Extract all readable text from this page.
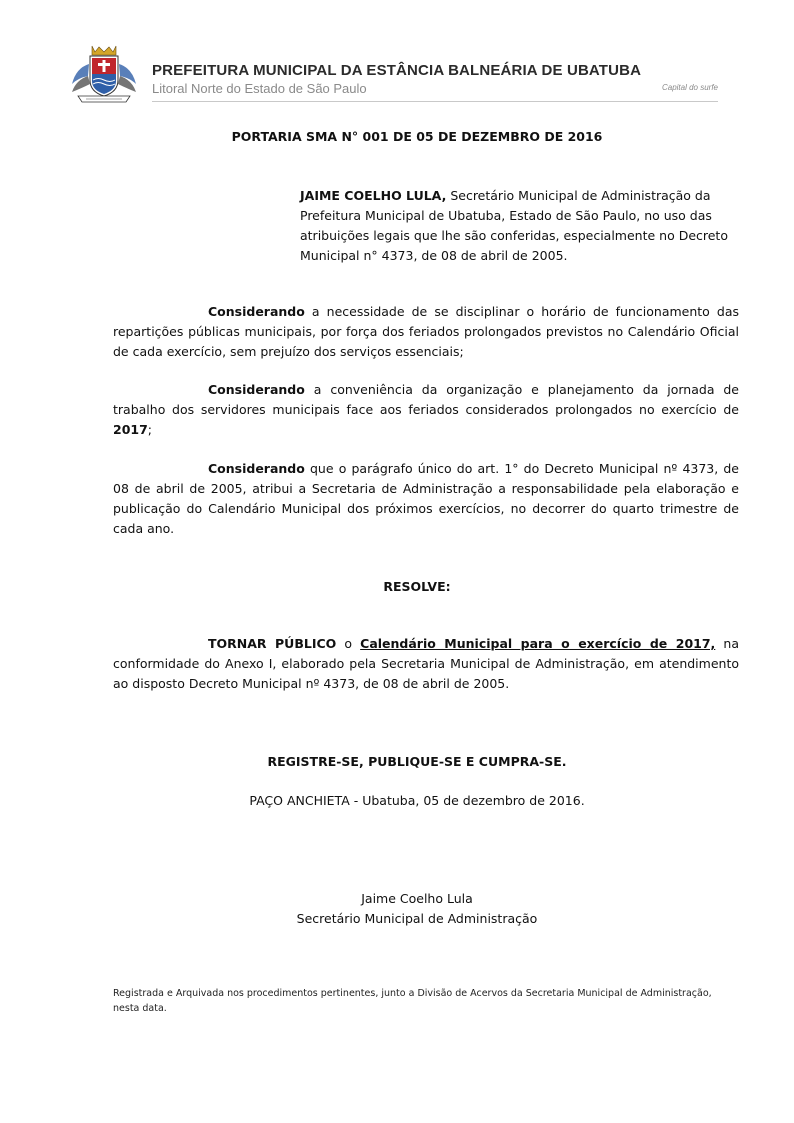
PREFEITURA MUNICIPAL DA ESTÂNCIA BALNEÁRIA DE UBATUBA
Litoral Norte do Estado de São Paulo	Capital do surfe
PORTARIA SMA N° 001 DE 05 DE DEZEMBRO DE 2016
JAIME COELHO LULA, Secretário Municipal de Administração da Prefeitura Municipal de Ubatuba, Estado de São Paulo, no uso das atribuições legais que lhe são conferidas, especialmente no Decreto Municipal n° 4373, de 08 de abril de 2005.
Considerando a necessidade de se disciplinar o horário de funcionamento das repartições públicas municipais, por força dos feriados prolongados previstos no Calendário Oficial de cada exercício, sem prejuízo dos serviços essenciais;
Considerando a conveniência da organização e planejamento da jornada de trabalho dos servidores municipais face aos feriados considerados prolongados no exercício de 2017;
Considerando que o parágrafo único do art. 1° do Decreto Municipal nº 4373, de 08 de abril de 2005, atribui a Secretaria de Administração a responsabilidade pela elaboração e publicação do Calendário Municipal dos próximos exercícios, no decorrer do quarto trimestre de cada ano.
RESOLVE:
TORNAR PÚBLICO o Calendário Municipal para o exercício de 2017, na conformidade do Anexo I, elaborado pela Secretaria Municipal de Administração, em atendimento ao disposto Decreto Municipal nº 4373, de 08 de abril de 2005.
REGISTRE-SE, PUBLIQUE-SE E CUMPRA-SE.
PAÇO ANCHIETA - Ubatuba, 05 de dezembro de 2016.
Jaime Coelho Lula
Secretário Municipal de Administração
Registrada e Arquivada nos procedimentos pertinentes, junto a Divisão de Acervos da Secretaria Municipal de Administração, nesta data.
